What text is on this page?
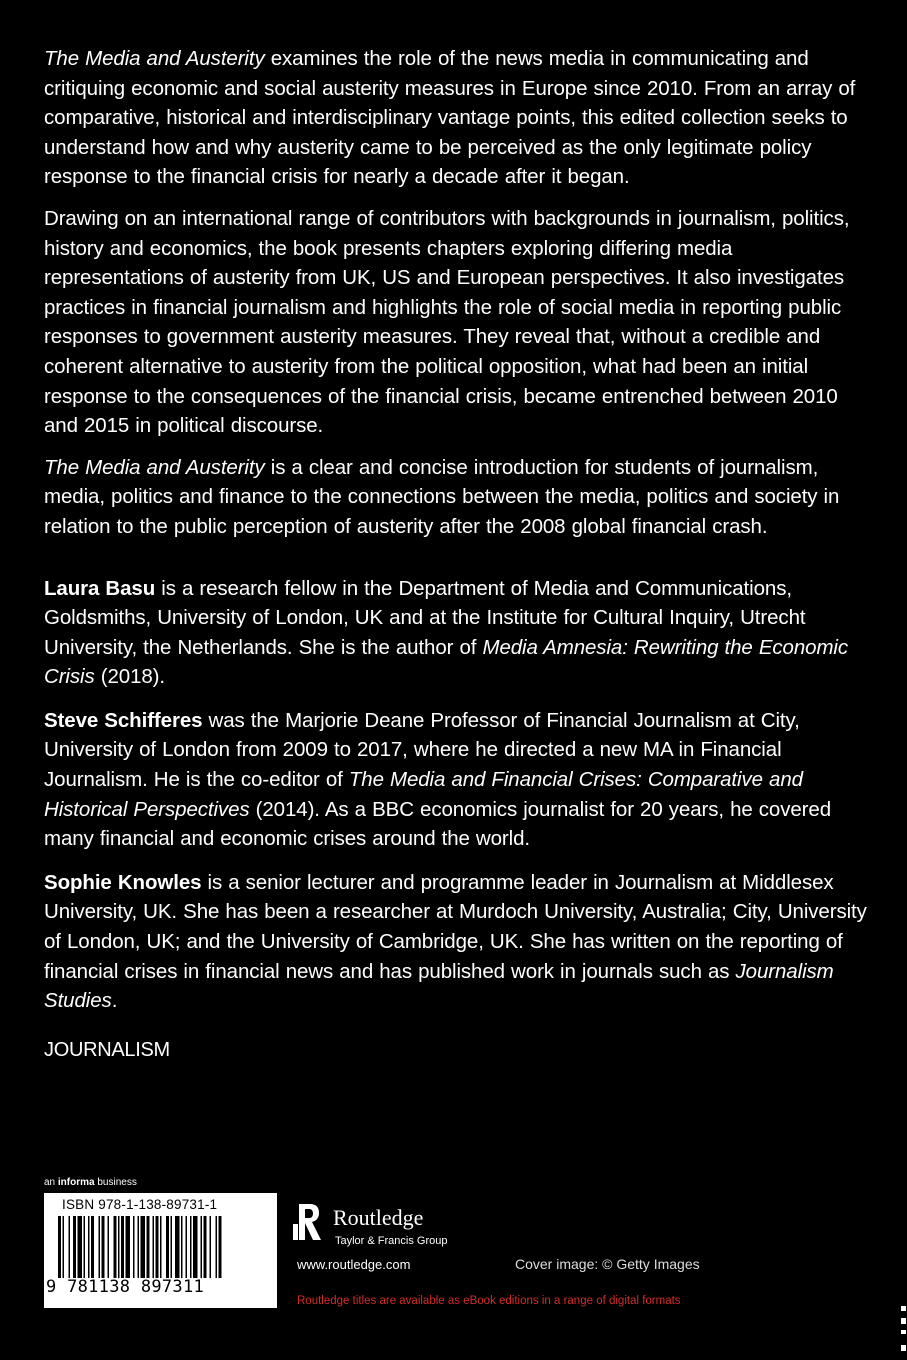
The Media and Austerity examines the role of the news media in communicating and critiquing economic and social austerity measures in Europe since 2010. From an array of comparative, historical and interdisciplinary vantage points, this edited collection seeks to understand how and why austerity came to be perceived as the only legitimate policy response to the financial crisis for nearly a decade after it began.

Drawing on an international range of contributors with backgrounds in journalism, politics, history and economics, the book presents chapters exploring differing media representations of austerity from UK, US and European perspectives. It also investigates practices in financial journalism and highlights the role of social media in reporting public responses to government austerity measures. They reveal that, without a credible and coherent alternative to austerity from the political opposition, what had been an initial response to the consequences of the financial crisis, became entrenched between 2010 and 2015 in political discourse.

The Media and Austerity is a clear and concise introduction for students of journalism, media, politics and finance to the connections between the media, politics and society in relation to the public perception of austerity after the 2008 global financial crash.

Laura Basu is a research fellow in the Department of Media and Communications, Goldsmiths, University of London, UK and at the Institute for Cultural Inquiry, Utrecht University, the Netherlands. She is the author of Media Amnesia: Rewriting the Economic Crisis (2018).

Steve Schifferes was the Marjorie Deane Professor of Financial Journalism at City, University of London from 2009 to 2017, where he directed a new MA in Financial Journalism. He is the co-editor of The Media and Financial Crises: Comparative and Historical Perspectives (2014). As a BBC economics journalist for 20 years, he covered many financial and economic crises around the world.

Sophie Knowles is a senior lecturer and programme leader in Journalism at Middlesex University, UK. She has been a researcher at Murdoch University, Australia; City, University of London, UK; and the University of Cambridge, UK. She has written on the reporting of financial crises in financial news and has published work in journals such as Journalism Studies.

JOURNALISM

an informa business
ISBN 978-1-138-89731-1
9 781138 897311
Routledge
Taylor & Francis Group
www.routledge.com	Cover image: © Getty Images
Routledge titles are available as eBook editions in a range of digital formats
